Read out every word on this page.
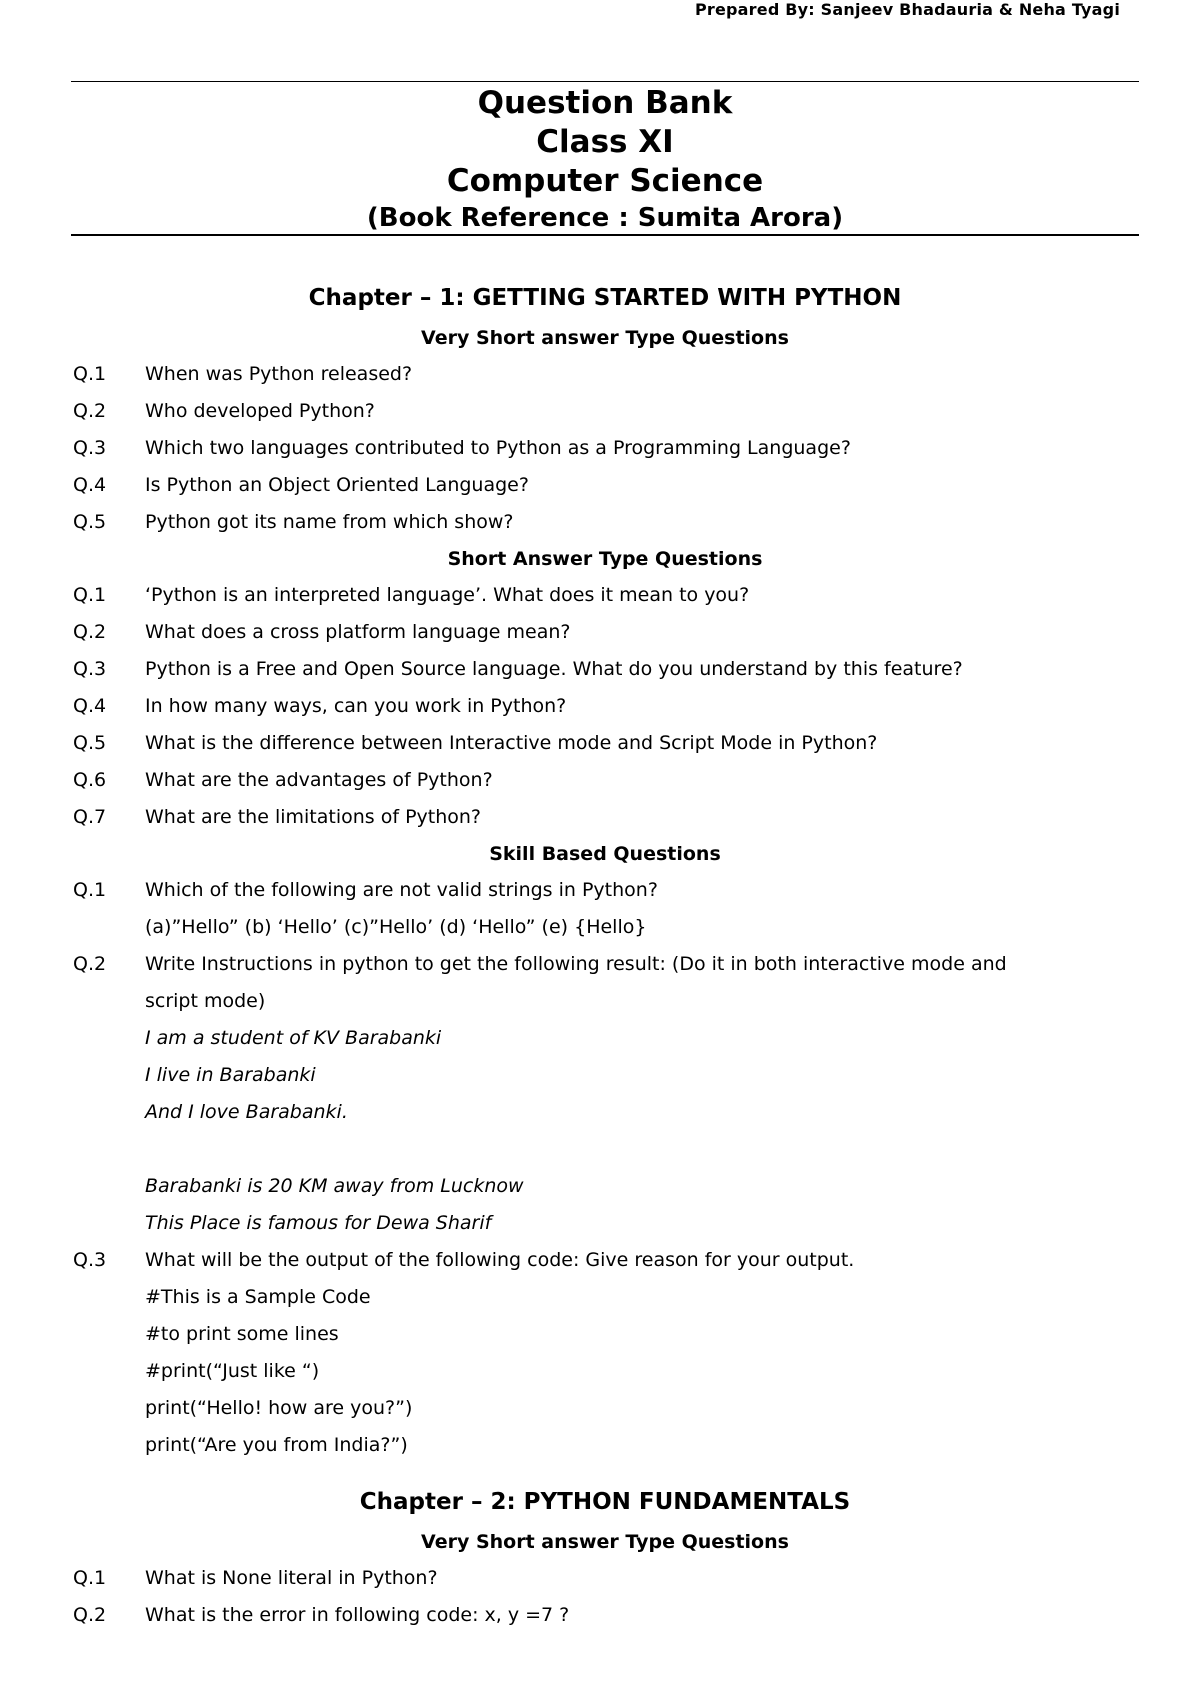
Prepared By: Sanjeev Bhadauria & Neha Tyagi
Question Bank
Class XI
Computer Science
(Book Reference : Sumita Arora)
Chapter – 1: GETTING STARTED WITH PYTHON
Very Short answer Type Questions
Q.1	When was Python released?
Q.2	Who developed Python?
Q.3	Which two languages contributed to Python as a Programming Language?
Q.4	Is Python an Object Oriented Language?
Q.5	Python got its name from which show?
Short Answer Type Questions
Q.1	‘Python is an interpreted language’. What does it mean to you?
Q.2	What does a cross platform language mean?
Q.3	Python is a Free and Open Source language. What do you understand by this feature?
Q.4	In how many ways, can you work in Python?
Q.5	What is the difference between Interactive mode and Script Mode in Python?
Q.6	What are the advantages of Python?
Q.7	What are the limitations of Python?
Skill Based Questions
Q.1	Which of the following are not valid strings in Python?
(a)”Hello” (b) ‘Hello’ (c)”Hello’ (d) ‘Hello” (e) {Hello}
Q.2	Write Instructions in python to get the following result: (Do it in both interactive mode and
script mode)
I am a student of KV Barabanki
I live in Barabanki
And I love Barabanki.
Barabanki is 20 KM away from Lucknow
This Place is famous for Dewa Sharif
Q.3	What will be the output of the following code: Give reason for your output.
#This is a Sample Code
#to print some lines
#print(“Just like “)
print(“Hello! how are you?”)
print(“Are you from India?”)
Chapter – 2: PYTHON FUNDAMENTALS
Very Short answer Type Questions
Q.1	What is None literal in Python?
Q.2	What is the error in following code: x, y =7 ?
